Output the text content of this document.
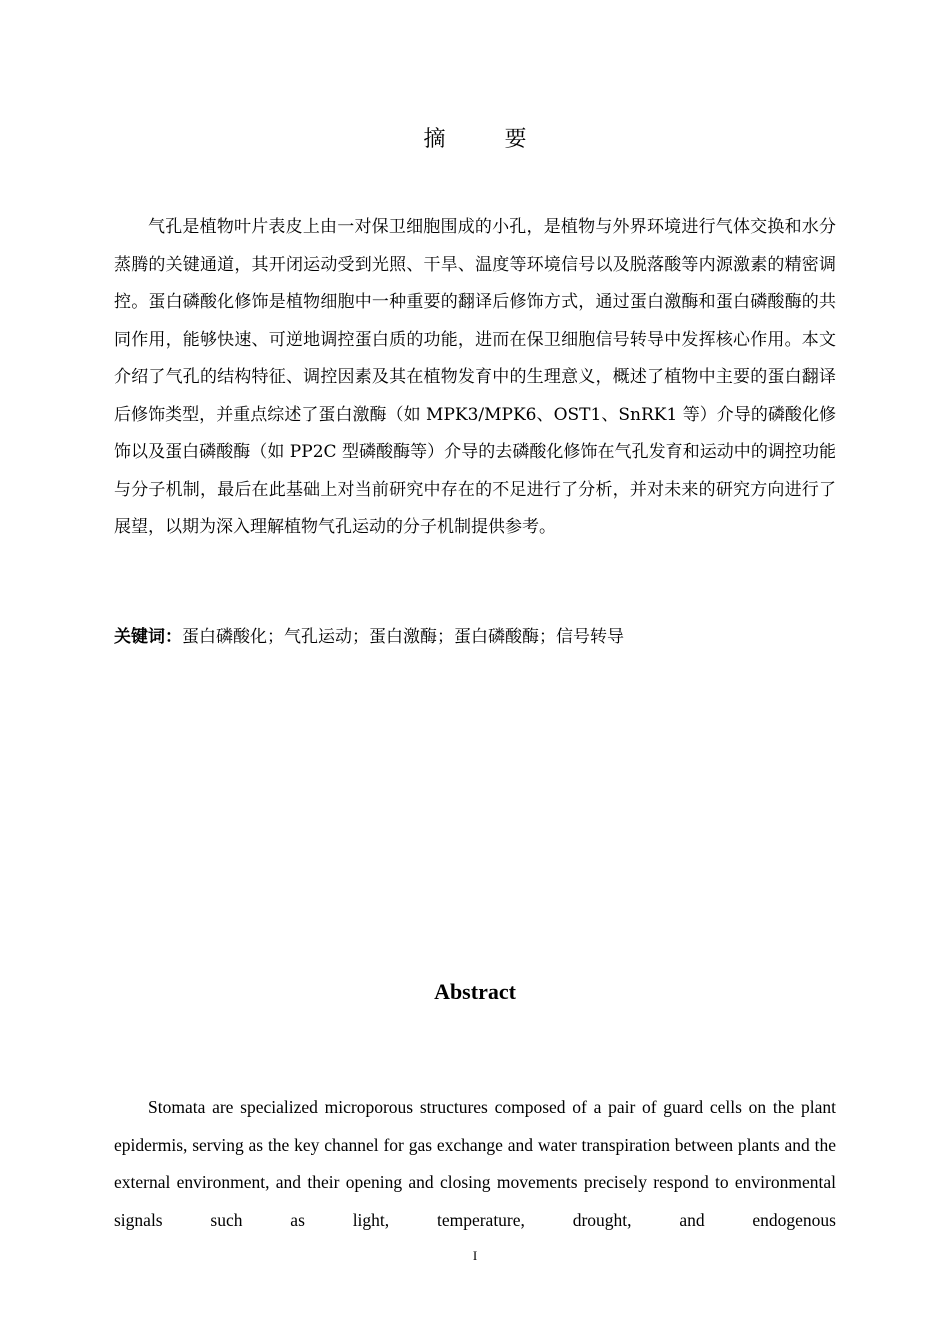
摘 要

气孔是植物叶片表皮上由一对保卫细胞围成的小孔，是植物与外界环境进行气体交换和水分蒸腾的关键通道，其开闭运动受到光照、干旱、温度等环境信号以及脱落酸等内源激素的精密调控。蛋白磷酸化修饰是植物细胞中一种重要的翻译后修饰方式，通过蛋白激酶和蛋白磷酸酶的共同作用，能够快速、可逆地调控蛋白质的功能，进而在保卫细胞信号转导中发挥核心作用。本文介绍了气孔的结构特征、调控因素及其在植物发育中的生理意义，概述了植物中主要的蛋白翻译后修饰类型，并重点综述了蛋白激酶（如 MPK3/MPK6、OST1、SnRK1 等）介导的磷酸化修饰以及蛋白磷酸酶（如 PP2C 型磷酸酶等）介导的去磷酸化修饰在气孔发育和运动中的调控功能与分子机制，最后在此基础上对当前研究中存在的不足进行了分析，并对未来的研究方向进行了展望，以期为深入理解植物气孔运动的分子机制提供参考。

关键词：蛋白磷酸化；气孔运动；蛋白激酶；蛋白磷酸酶；信号转导

Abstract

Stomata are specialized microporous structures composed of a pair of guard cells on the plant epidermis, serving as the key channel for gas exchange and water transpiration between plants and the external environment, and their opening and closing movements precisely respond to environmental signals such as light, temperature, drought, and endogenous

I
